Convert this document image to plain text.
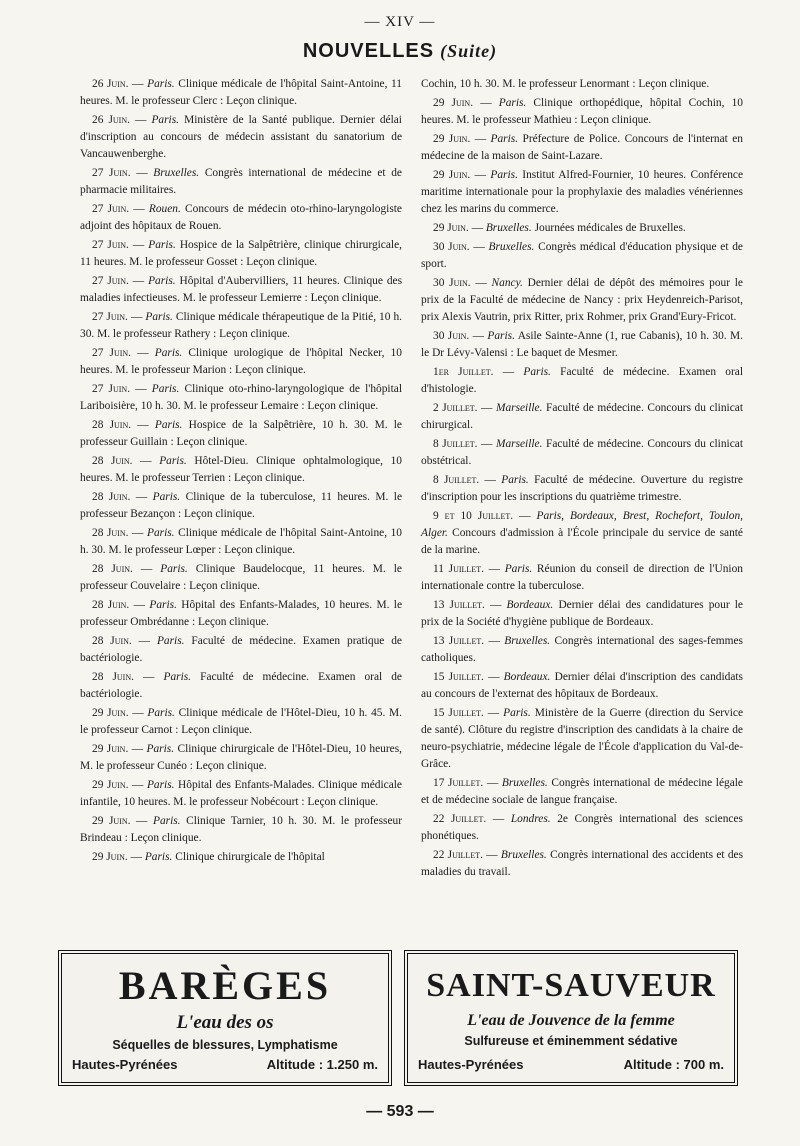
— XIV —
NOUVELLES (Suite)

26 Juin. — Paris. Clinique médicale de l'hôpital Saint-Antoine, 11 heures. M. le professeur Clerc : Leçon clinique.

26 Juin. — Paris. Ministère de la Santé publique. Dernier délai d'inscription au concours de médecin assistant du sanatorium de Vancauwenberghe.

27 Juin. — Bruxelles. Congrès international de médecine et de pharmacie militaires.

27 Juin. — Rouen. Concours de médecin oto-rhino-laryngologiste adjoint des hôpitaux de Rouen.

27 Juin. — Paris. Hospice de la Salpêtrière, clinique chirurgicale, 11 heures. M. le professeur Gosset : Leçon clinique.

27 Juin. — Paris. Hôpital d'Aubervilliers, 11 heures. Clinique des maladies infectieuses. M. le professeur Lemierre : Leçon clinique.

27 Juin. — Paris. Clinique médicale thérapeutique de la Pitié, 10 h. 30. M. le professeur Rathery : Leçon clinique.

27 Juin. — Paris. Clinique urologique de l'hôpital Necker, 10 heures. M. le professeur Marion : Leçon clinique.

27 Juin. — Paris. Clinique oto-rhino-laryngologique de l'hôpital Lariboisière, 10 h. 30. M. le professeur Lemaire : Leçon clinique.

28 Juin. — Paris. Hospice de la Salpêtrière, 10 h. 30. M. le professeur Guillain : Leçon clinique.

28 Juin. — Paris. Hôtel-Dieu. Clinique ophtalmologique, 10 heures. M. le professeur Terrien : Leçon clinique.

28 Juin. — Paris. Clinique de la tuberculose, 11 heures. M. le professeur Bezançon : Leçon clinique.

28 Juin. — Paris. Clinique médicale de l'hôpital Saint-Antoine, 10 h. 30. M. le professeur Lœper : Leçon clinique.

28 Juin. — Paris. Clinique Baudelocque, 11 heures. M. le professeur Couvelaire : Leçon clinique.

28 Juin. — Paris. Hôpital des Enfants-Malades, 10 heures. M. le professeur Ombrédanne : Leçon clinique.

28 Juin. — Paris. Faculté de médecine. Examen pratique de bactériologie.

28 Juin. — Paris. Faculté de médecine. Examen oral de bactériologie.

29 Juin. — Paris. Clinique médicale de l'Hôtel-Dieu, 10 h. 45. M. le professeur Carnot : Leçon clinique.

29 Juin. — Paris. Clinique chirurgicale de l'Hôtel-Dieu, 10 heures, M. le professeur Cunéo : Leçon clinique.

29 Juin. — Paris. Hôpital des Enfants-Malades. Clinique médicale infantile, 10 heures. M. le professeur Nobécourt : Leçon clinique.

29 Juin. — Paris. Clinique Tarnier, 10 h. 30. M. le professeur Brindeau : Leçon clinique.

29 Juin. — Paris. Clinique chirurgicale de l'hôpital

Cochin, 10 h. 30. M. le professeur Lenormant : Leçon clinique.

29 Juin. — Paris. Clinique orthopédique, hôpital Cochin, 10 heures. M. le professeur Mathieu : Leçon clinique.

29 Juin. — Paris. Préfecture de Police. Concours de l'internat en médecine de la maison de Saint-Lazare.

29 Juin. — Paris. Institut Alfred-Fournier, 10 heures. Conférence maritime internationale pour la prophylaxie des maladies vénériennes chez les marins du commerce.

29 Juin. — Bruxelles. Journées médicales de Bruxelles.

30 Juin. — Bruxelles. Congrès médical d'éducation physique et de sport.

30 Juin. — Nancy. Dernier délai de dépôt des mémoires pour le prix de la Faculté de médecine de Nancy : prix Heydenreich-Parisot, prix Alexis Vautrin, prix Ritter, prix Rohmer, prix Grand'Eury-Fricot.

30 Juin. — Paris. Asile Sainte-Anne (1, rue Cabanis), 10 h. 30. M. le Dr Lévy-Valensi : Le baquet de Mesmer.

1er Juillet. — Paris. Faculté de médecine. Examen oral d'histologie.

2 Juillet. — Marseille. Faculté de médecine. Concours du clinicat chirurgical.

8 Juillet. — Marseille. Faculté de médecine. Concours du clinicat obstétrical.

8 Juillet. — Paris. Faculté de médecine. Ouverture du registre d'inscription pour les inscriptions du quatrième trimestre.

9 et 10 Juillet. — Paris, Bordeaux, Brest, Rochefort, Toulon, Alger. Concours d'admission à l'École principale du service de santé de la marine.

11 Juillet. — Paris. Réunion du conseil de direction de l'Union internationale contre la tuberculose.

13 Juillet. — Bordeaux. Dernier délai des candidatures pour le prix de la Société d'hygiène publique de Bordeaux.

13 Juillet. — Bruxelles. Congrès international des sages-femmes catholiques.

15 Juillet. — Bordeaux. Dernier délai d'inscription des candidats au concours de l'externat des hôpitaux de Bordeaux.

15 Juillet. — Paris. Ministère de la Guerre (direction du Service de santé). Clôture du registre d'inscription des candidats à la chaire de neuro-psychiatrie, médecine légale de l'École d'application du Val-de-Grâce.

17 Juillet. — Bruxelles. Congrès international de médecine légale et de médecine sociale de langue française.

22 Juillet. — Londres. 2e Congrès international des sciences phonétiques.

22 Juillet. — Bruxelles. Congrès international des accidents et des maladies du travail.

BARÈGES
L'eau des os
Séquelles de blessures, Lymphatisme
Hautes-Pyrénées	Altitude : 1.250 m.
SAINT-SAUVEUR
L'eau de Jouvence de la femme
Sulfureuse et éminemment sédative
Hautes-Pyrénées	Altitude : 700 m.
— 593 —
